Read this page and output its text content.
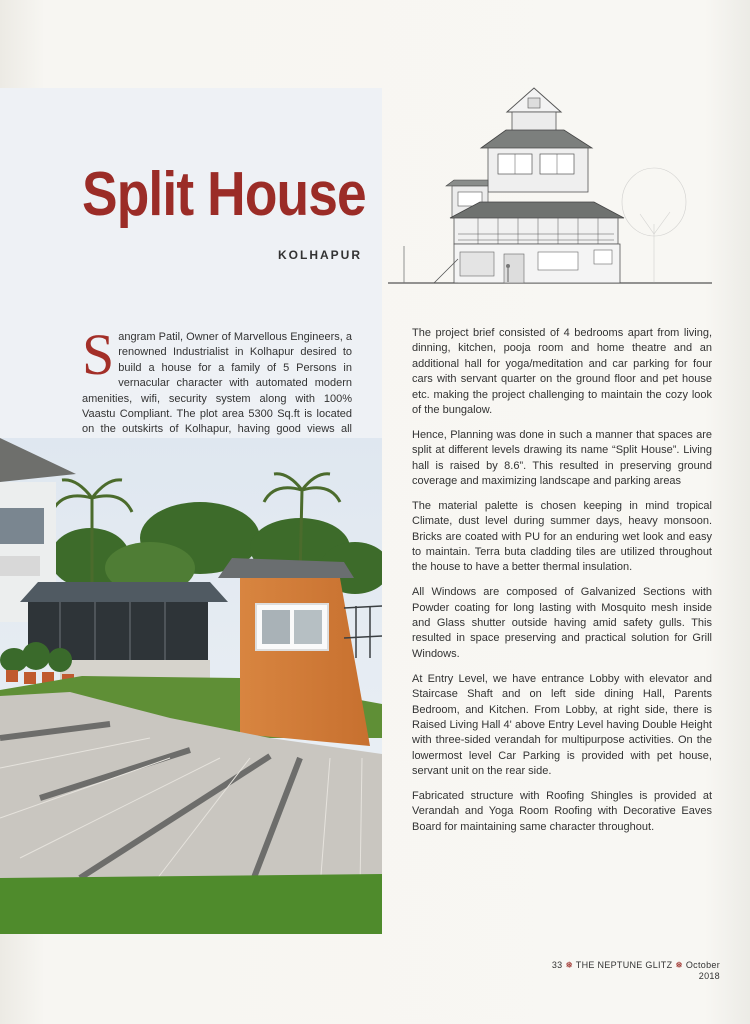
Split House
KOLHAPUR
Sangram Patil, Owner of Marvellous Engineers, a renowned Industrialist in Kolhapur desired to build a house for a family of 5 Persons in vernacular character with automated modern amenities, wifi, security system along with 100% Vaastu Compliant. The plot area 5300 Sq.ft is located on the outskirts of Kolhapur, having good views all

The project brief consisted of 4 bedrooms apart from living, dinning, kitchen, pooja room and home theatre and an additional hall for yoga/meditation and car parking for four cars with servant quarter on the ground floor and pet house etc. making the project challenging to maintain the cozy look of the bungalow.

Hence, Planning was done in such a manner that spaces are split at different levels drawing its name “Split House”. Living hall is raised by 8.6”. This resulted in preserving ground coverage and maximizing landscape and parking areas

The material palette is chosen keeping in mind tropical Climate, dust level during summer days, heavy monsoon. Bricks are coated with PU for an enduring wet look and easy to maintain. Terra buta cladding tiles are utilized throughout the house to have a better thermal insulation.

All Windows are composed of Galvanized Sections with Powder coating for long lasting with Mosquito mesh inside and Glass shutter outside having amid safety gulls. This resulted in space preserving and practical solution for Grill Windows.

At Entry Level, we have entrance Lobby with elevator and Staircase Shaft and on left side dining Hall, Parents Bedroom, and Kitchen. From Lobby, at right side, there is Raised Living Hall 4' above Entry Level having Double Height with three-sided verandah for multipurpose activities. On the lowermost level Car Parking is provided with pet house, servant unit on the rear side.

Fabricated structure with Roofing Shingles is provided at Verandah and Yoga Room Roofing with Decorative Eaves Board for maintaining same character throughout.

33 ❅ THE NEPTUNE GLITZ ❅ October 2018
